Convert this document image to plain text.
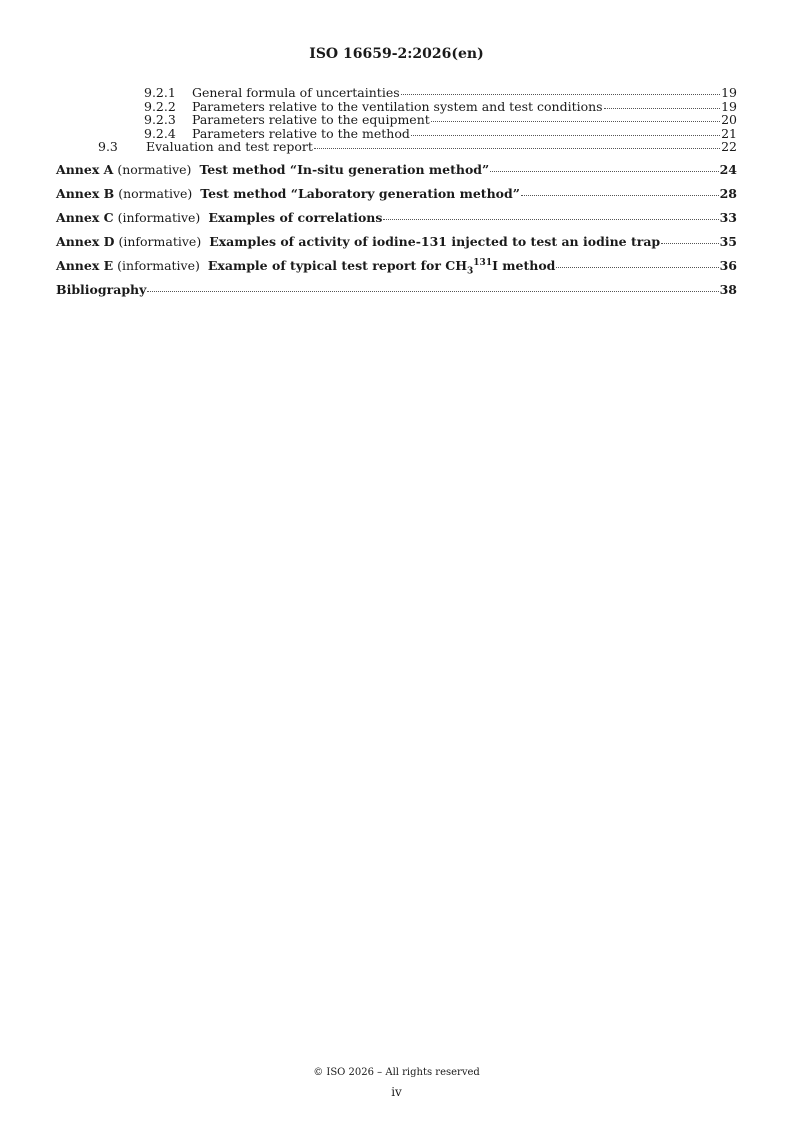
ISO 16659-2:2026(en)
9.2.1	General formula of uncertainties	19
9.2.2	Parameters relative to the ventilation system and test conditions	19
9.2.3	Parameters relative to the equipment	20
9.2.4	Parameters relative to the method	21
9.3	Evaluation and test report	22
Annex A (normative) Test method “In-situ generation method”	24
Annex B (normative) Test method “Laboratory generation method”	28
Annex C (informative) Examples of correlations	33
Annex D (informative) Examples of activity of iodine-131 injected to test an iodine trap	35
Annex E (informative) Example of typical test report for $CH_3^{131}I$ method	36
Bibliography	38
© ISO 2026 – All rights reserved
iv
